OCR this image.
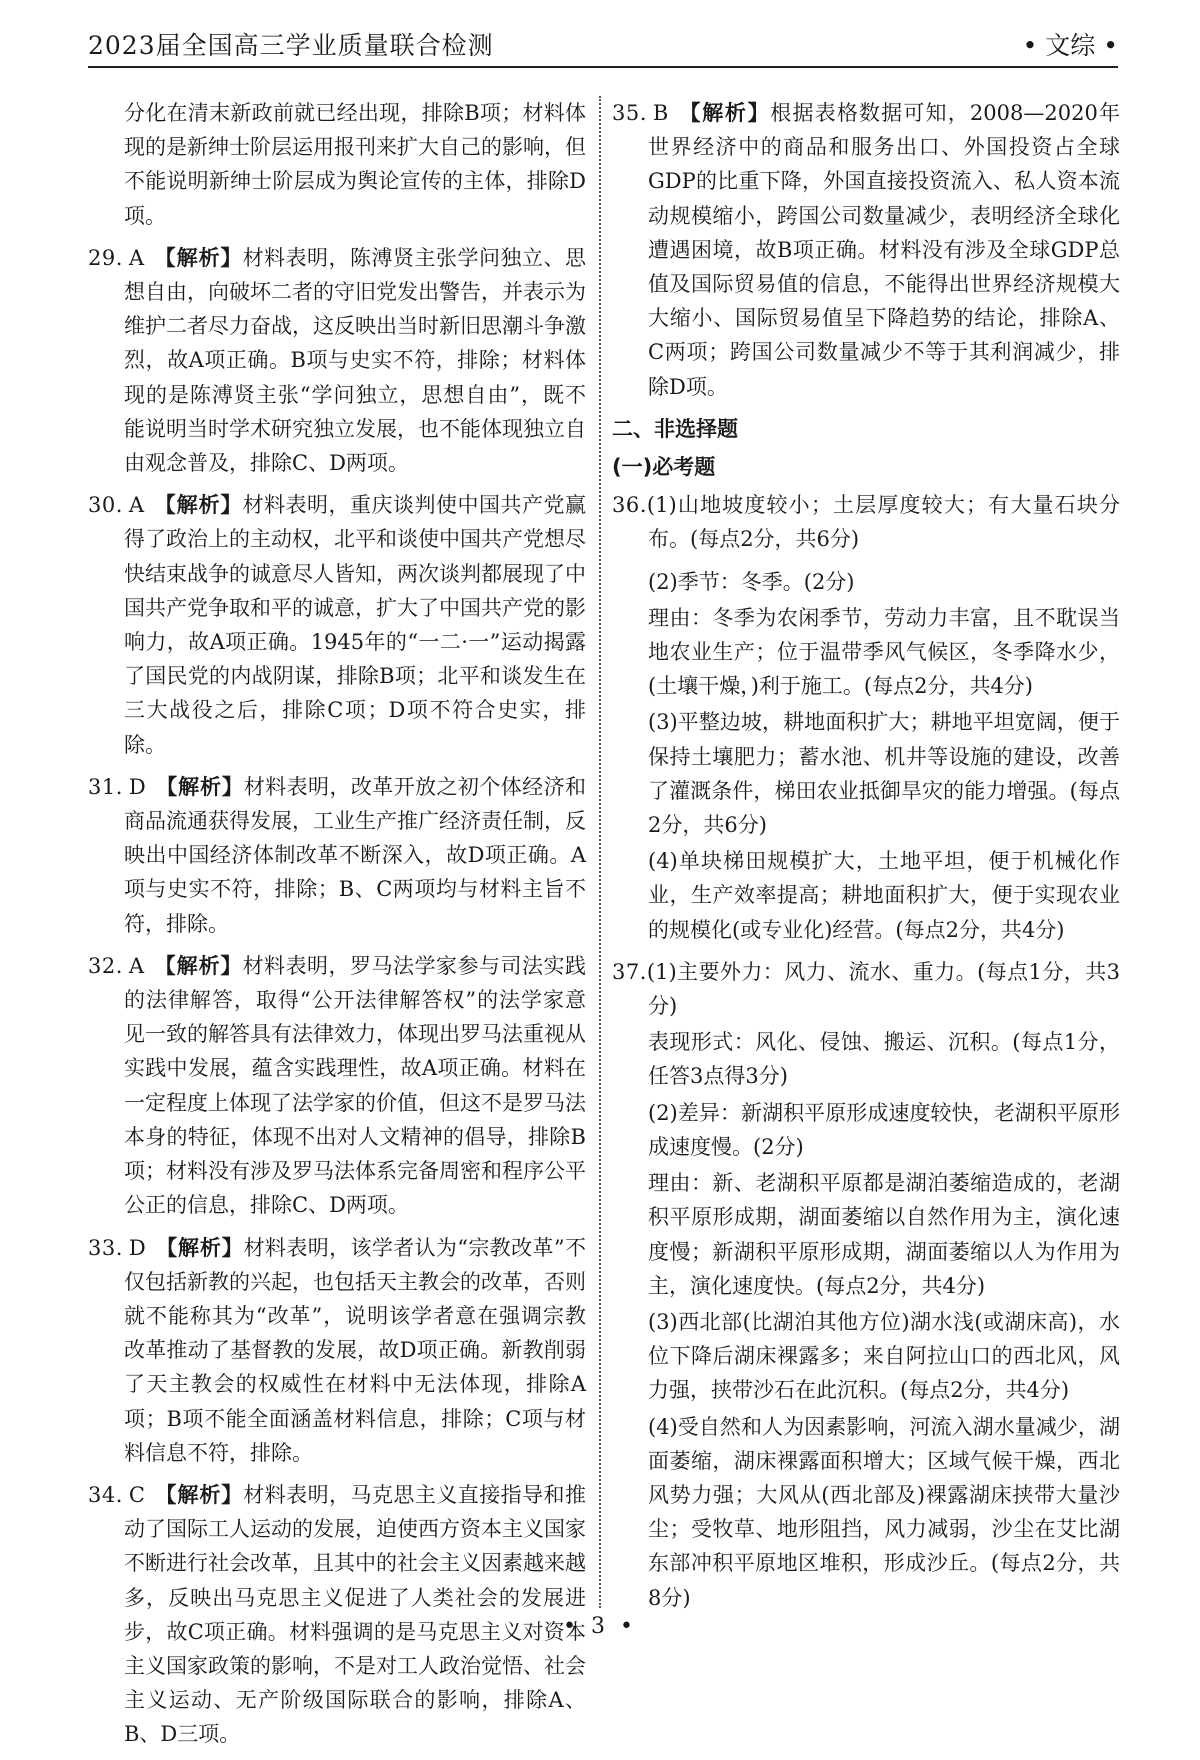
2023届全国高三学业质量联合检测	• 文综 •
分化在清末新政前就已经出现，排除B项；材料体现的是新绅士阶层运用报刊来扩大自己的影响，但不能说明新绅士阶层成为舆论宣传的主体，排除D项。
29. A 【解析】材料表明，陈溥贤主张学问独立、思想自由，向破坏二者的守旧党发出警告，并表示为维护二者尽力奋战，这反映出当时新旧思潮斗争激烈，故A项正确。B项与史实不符，排除；材料体现的是陈溥贤主张“学问独立，思想自由”，既不能说明当时学术研究独立发展，也不能体现独立自由观念普及，排除C、D两项。
30. A 【解析】材料表明，重庆谈判使中国共产党赢得了政治上的主动权，北平和谈使中国共产党想尽快结束战争的诚意尽人皆知，两次谈判都展现了中国共产党争取和平的诚意，扩大了中国共产党的影响力，故A项正确。1945年的“一二·一”运动揭露了国民党的内战阴谋，排除B项；北平和谈发生在三大战役之后，排除C项；D项不符合史实，排除。
31. D 【解析】材料表明，改革开放之初个体经济和商品流通获得发展，工业生产推广经济责任制，反映出中国经济体制改革不断深入，故D项正确。A项与史实不符，排除；B、C两项均与材料主旨不符，排除。
32. A 【解析】材料表明，罗马法学家参与司法实践的法律解答，取得“公开法律解答权”的法学家意见一致的解答具有法律效力，体现出罗马法重视从实践中发展，蕴含实践理性，故A项正确。材料在一定程度上体现了法学家的价值，但这不是罗马法本身的特征，体现不出对人文精神的倡导，排除B项；材料没有涉及罗马法体系完备周密和程序公平公正的信息，排除C、D两项。
33. D 【解析】材料表明，该学者认为“宗教改革”不仅包括新教的兴起，也包括天主教会的改革，否则就不能称其为“改革”，说明该学者意在强调宗教改革推动了基督教的发展，故D项正确。新教削弱了天主教会的权威性在材料中无法体现，排除A项；B项不能全面涵盖材料信息，排除；C项与材料信息不符，排除。
34. C 【解析】材料表明，马克思主义直接指导和推动了国际工人运动的发展，迫使西方资本主义国家不断进行社会改革，且其中的社会主义因素越来越多，反映出马克思主义促进了人类社会的发展进步，故C项正确。材料强调的是马克思主义对资本主义国家政策的影响，不是对工人政治觉悟、社会主义运动、无产阶级国际联合的影响，排除A、B、D三项。
35. B 【解析】根据表格数据可知，2008—2020年世界经济中的商品和服务出口、外国投资占全球GDP的比重下降，外国直接投资流入、私人资本流动规模缩小，跨国公司数量减少，表明经济全球化遭遇困境，故B项正确。材料没有涉及全球GDP总值及国际贸易值的信息，不能得出世界经济规模大大缩小、国际贸易值呈下降趋势的结论，排除A、C两项；跨国公司数量减少不等于其利润减少，排除D项。
二、非选择题
(一)必考题
36.(1)山地坡度较小；土层厚度较大；有大量石块分布。(每点2分，共6分)
(2)季节：冬季。(2分)
理由：冬季为农闲季节，劳动力丰富，且不耽误当地农业生产；位于温带季风气候区，冬季降水少，(土壤干燥，)利于施工。(每点2分，共4分)
(3)平整边坡，耕地面积扩大；耕地平坦宽阔，便于保持土壤肥力；蓄水池、机井等设施的建设，改善了灌溉条件，梯田农业抵御旱灾的能力增强。(每点2分，共6分)
(4)单块梯田规模扩大，土地平坦，便于机械化作业，生产效率提高；耕地面积扩大，便于实现农业的规模化(或专业化)经营。(每点2分，共4分)
37.(1)主要外力：风力、流水、重力。(每点1分，共3分)
表现形式：风化、侵蚀、搬运、沉积。(每点1分，任答3点得3分)
(2)差异：新湖积平原形成速度较快，老湖积平原形成速度慢。(2分)
理由：新、老湖积平原都是湖泊萎缩造成的，老湖积平原形成期，湖面萎缩以自然作用为主，演化速度慢；新湖积平原形成期，湖面萎缩以人为作用为主，演化速度快。(每点2分，共4分)
(3)西北部(比湖泊其他方位)湖水浅(或湖床高)，水位下降后湖床裸露多；来自阿拉山口的西北风，风力强，挟带沙石在此沉积。(每点2分，共4分)
(4)受自然和人为因素影响，河流入湖水量减少，湖面萎缩，湖床裸露面积增大；区域气候干燥，西北风势力强；大风从(西北部及)裸露湖床挟带大量沙尘；受牧草、地形阻挡，风力减弱，沙尘在艾比湖东部冲积平原地区堆积，形成沙丘。(每点2分，共8分)
• 3 •
